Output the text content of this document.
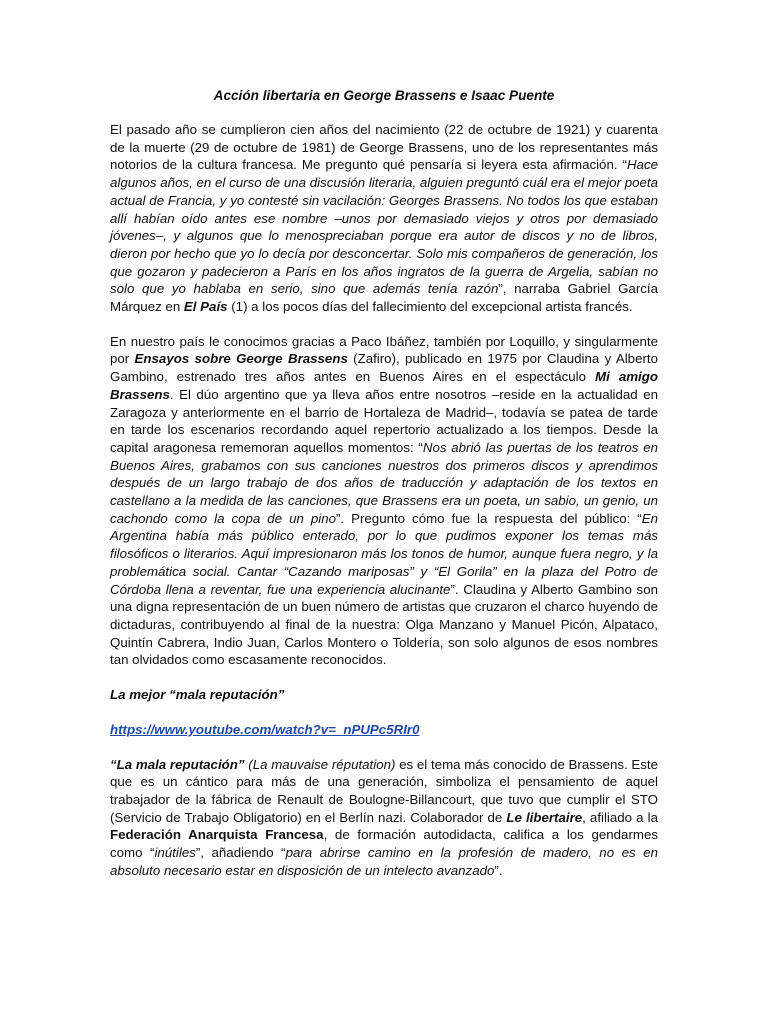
Acción libertaria en George Brassens e Isaac Puente

El pasado año se cumplieron cien años del nacimiento (22 de octubre de 1921) y cuarenta de la muerte (29 de octubre de 1981) de George Brassens, uno de los representantes más notorios de la cultura francesa. Me pregunto qué pensaría si leyera esta afirmación. “Hace algunos años, en el curso de una discusión literaria, alguien preguntó cuál era el mejor poeta actual de Francia, y yo contesté sin vacilación: Georges Brassens. No todos los que estaban allí habían oído antes ese nombre –unos por demasiado viejos y otros por demasiado jóvenes–, y algunos que lo menospreciaban porque era autor de discos y no de libros, dieron por hecho que yo lo decía por desconcertar. Solo mis compañeros de generación, los que gozaron y padecieron a París en los años ingratos de la guerra de Argelia, sabían no solo que yo hablaba en serio, sino que además tenía razón”, narraba Gabriel García Márquez en El País (1) a los pocos días del fallecimiento del excepcional artista francés.

En nuestro país le conocimos gracias a Paco Ibáñez, también por Loquillo, y singularmente por Ensayos sobre George Brassens (Zafiro), publicado en 1975 por Claudina y Alberto Gambino, estrenado tres años antes en Buenos Aires en el espectáculo Mi amigo Brassens. El dúo argentino que ya lleva años entre nosotros –reside en la actualidad en Zaragoza y anteriormente en el barrio de Hortaleza de Madrid–, todavía se patea de tarde en tarde los escenarios recordando aquel repertorio actualizado a los tiempos. Desde la capital aragonesa rememoran aquellos momentos: “Nos abrió las puertas de los teatros en Buenos Aires, grabamos con sus canciones nuestros dos primeros discos y aprendimos después de un largo trabajo de dos años de traducción y adaptación de los textos en castellano a la medida de las canciones, que Brassens era un poeta, un sabio, un genio, un cachondo como la copa de un pino”. Pregunto cómo fue la respuesta del público: “En Argentina había más público enterado, por lo que pudimos exponer los temas más filosóficos o literarios. Aquí impresionaron más los tonos de humor, aunque fuera negro, y la problemática social. Cantar “Cazando mariposas” y “El Gorila” en la plaza del Potro de Córdoba llena a reventar, fue una experiencia alucinante”. Claudina y Alberto Gambino son una digna representación de un buen número de artistas que cruzaron el charco huyendo de dictaduras, contribuyendo al final de la nuestra: Olga Manzano y Manuel Picón, Alpataco, Quintín Cabrera, Indio Juan, Carlos Montero o Toldería, son solo algunos de esos nombres tan olvidados como escasamente reconocidos.

La mejor “mala reputación”

https://www.youtube.com/watch?v=_nPUPc5RIr0

“La mala reputación” (La mauvaise réputation) es el tema más conocido de Brassens. Este que es un cántico para más de una generación, simboliza el pensamiento de aquel trabajador de la fábrica de Renault de Boulogne-Billancourt, que tuvo que cumplir el STO (Servicio de Trabajo Obligatorio) en el Berlín nazi. Colaborador de Le libertaire, afiliado a la Federación Anarquista Francesa, de formación autodidacta, califica a los gendarmes como “inútiles”, añadiendo “para abrirse camino en la profesión de madero, no es en absoluto necesario estar en disposición de un intelecto avanzado”.
